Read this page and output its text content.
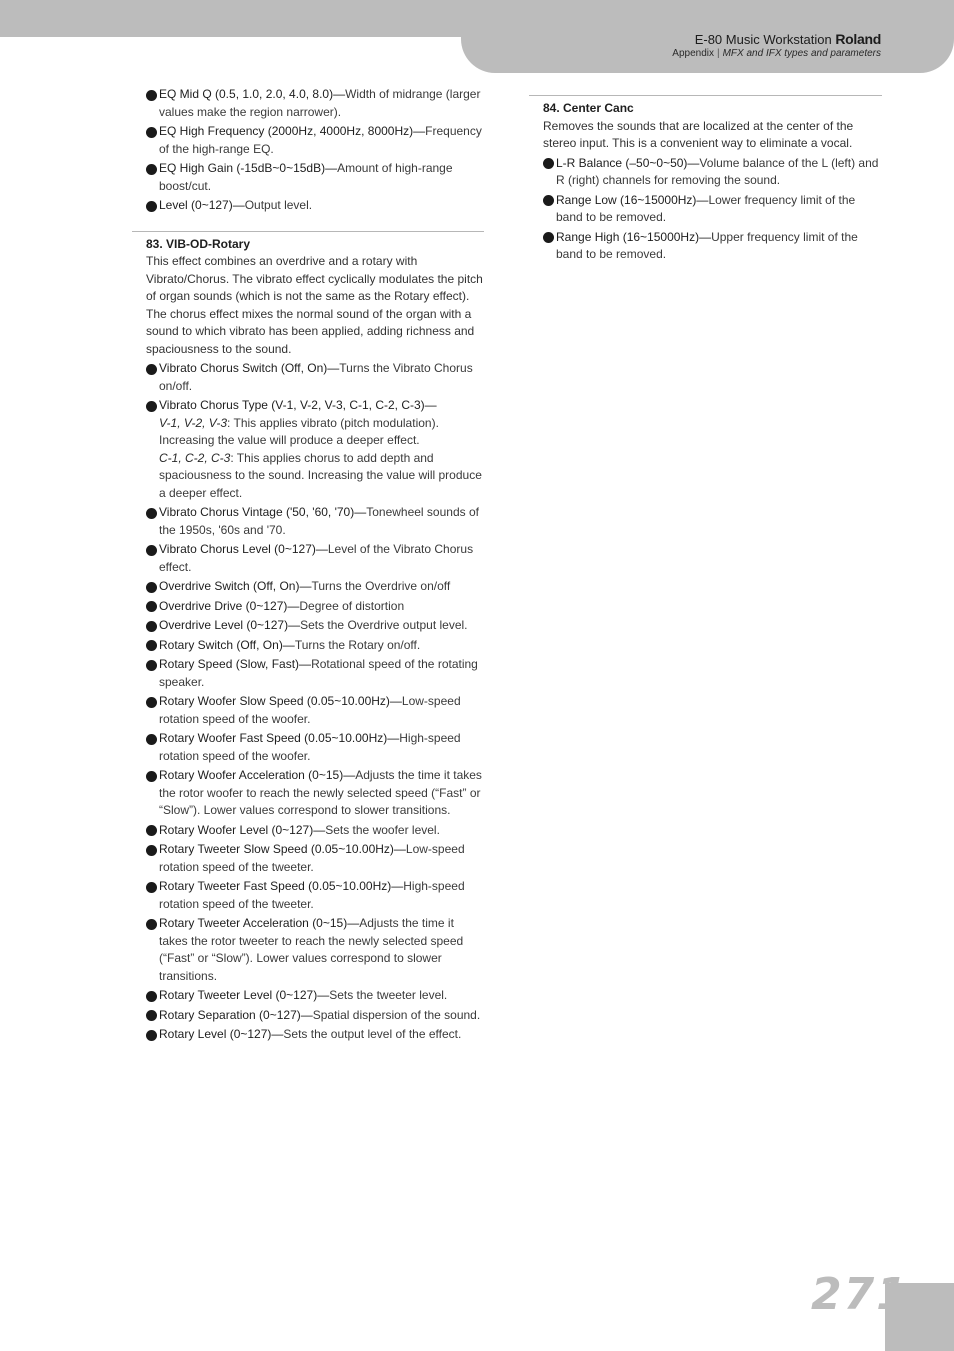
E-80 Music Workstation Roland
Appendix | MFX and IFX types and parameters
EQ Mid Q (0.5, 1.0, 2.0, 4.0, 8.0)—Width of midrange (larger values make the region narrower).
EQ High Frequency (2000Hz, 4000Hz, 8000Hz)—Frequency of the high-range EQ.
EQ High Gain (-15dB~0~15dB)—Amount of high-range boost/cut.
Level (0~127)—Output level.
83. VIB-OD-Rotary
This effect combines an overdrive and a rotary with Vibrato/Chorus. The vibrato effect cyclically modulates the pitch of organ sounds (which is not the same as the Rotary effect). The chorus effect mixes the normal sound of the organ with a sound to which vibrato has been applied, adding richness and spaciousness to the sound.
Vibrato Chorus Switch (Off, On)—Turns the Vibrato Chorus on/off.
Vibrato Chorus Type (V-1, V-2, V-3, C-1, C-2, C-3)—
V-1, V-2, V-3: This applies vibrato (pitch modulation). Increasing the value will produce a deeper effect.
C-1, C-2, C-3: This applies chorus to add depth and spaciousness to the sound. Increasing the value will produce a deeper effect.
Vibrato Chorus Vintage ('50, '60, '70)—Tonewheel sounds of the 1950s, '60s and '70.
Vibrato Chorus Level (0~127)—Level of the Vibrato Chorus effect.
Overdrive Switch (Off, On)—Turns the Overdrive on/off
Overdrive Drive (0~127)—Degree of distortion
Overdrive Level (0~127)—Sets the Overdrive output level.
Rotary Switch (Off, On)—Turns the Rotary on/off.
Rotary Speed (Slow, Fast)—Rotational speed of the rotating speaker.
Rotary Woofer Slow Speed (0.05~10.00Hz)—Low-speed rotation speed of the woofer.
Rotary Woofer Fast Speed (0.05~10.00Hz)—High-speed rotation speed of the woofer.
Rotary Woofer Acceleration (0~15)—Adjusts the time it takes the rotor woofer to reach the newly selected speed (“Fast” or “Slow”). Lower values correspond to slower transitions.
Rotary Woofer Level (0~127)—Sets the woofer level.
Rotary Tweeter Slow Speed (0.05~10.00Hz)—Low-speed rotation speed of the tweeter.
Rotary Tweeter Fast Speed (0.05~10.00Hz)—High-speed rotation speed of the tweeter.
Rotary Tweeter Acceleration (0~15)—Adjusts the time it takes the rotor tweeter to reach the newly selected speed (“Fast” or “Slow”). Lower values correspond to slower transitions.
Rotary Tweeter Level (0~127)—Sets the tweeter level.
Rotary Separation (0~127)—Spatial dispersion of the sound.
Rotary Level (0~127)—Sets the output level of the effect.
84. Center Canc
Removes the sounds that are localized at the center of the stereo input. This is a convenient way to eliminate a vocal.
L-R Balance (–50~0~50)—Volume balance of the L (left) and R (right) channels for removing the sound.
Range Low (16~15000Hz)—Lower frequency limit of the band to be removed.
Range High (16~15000Hz)—Upper frequency limit of the band to be removed.
271
